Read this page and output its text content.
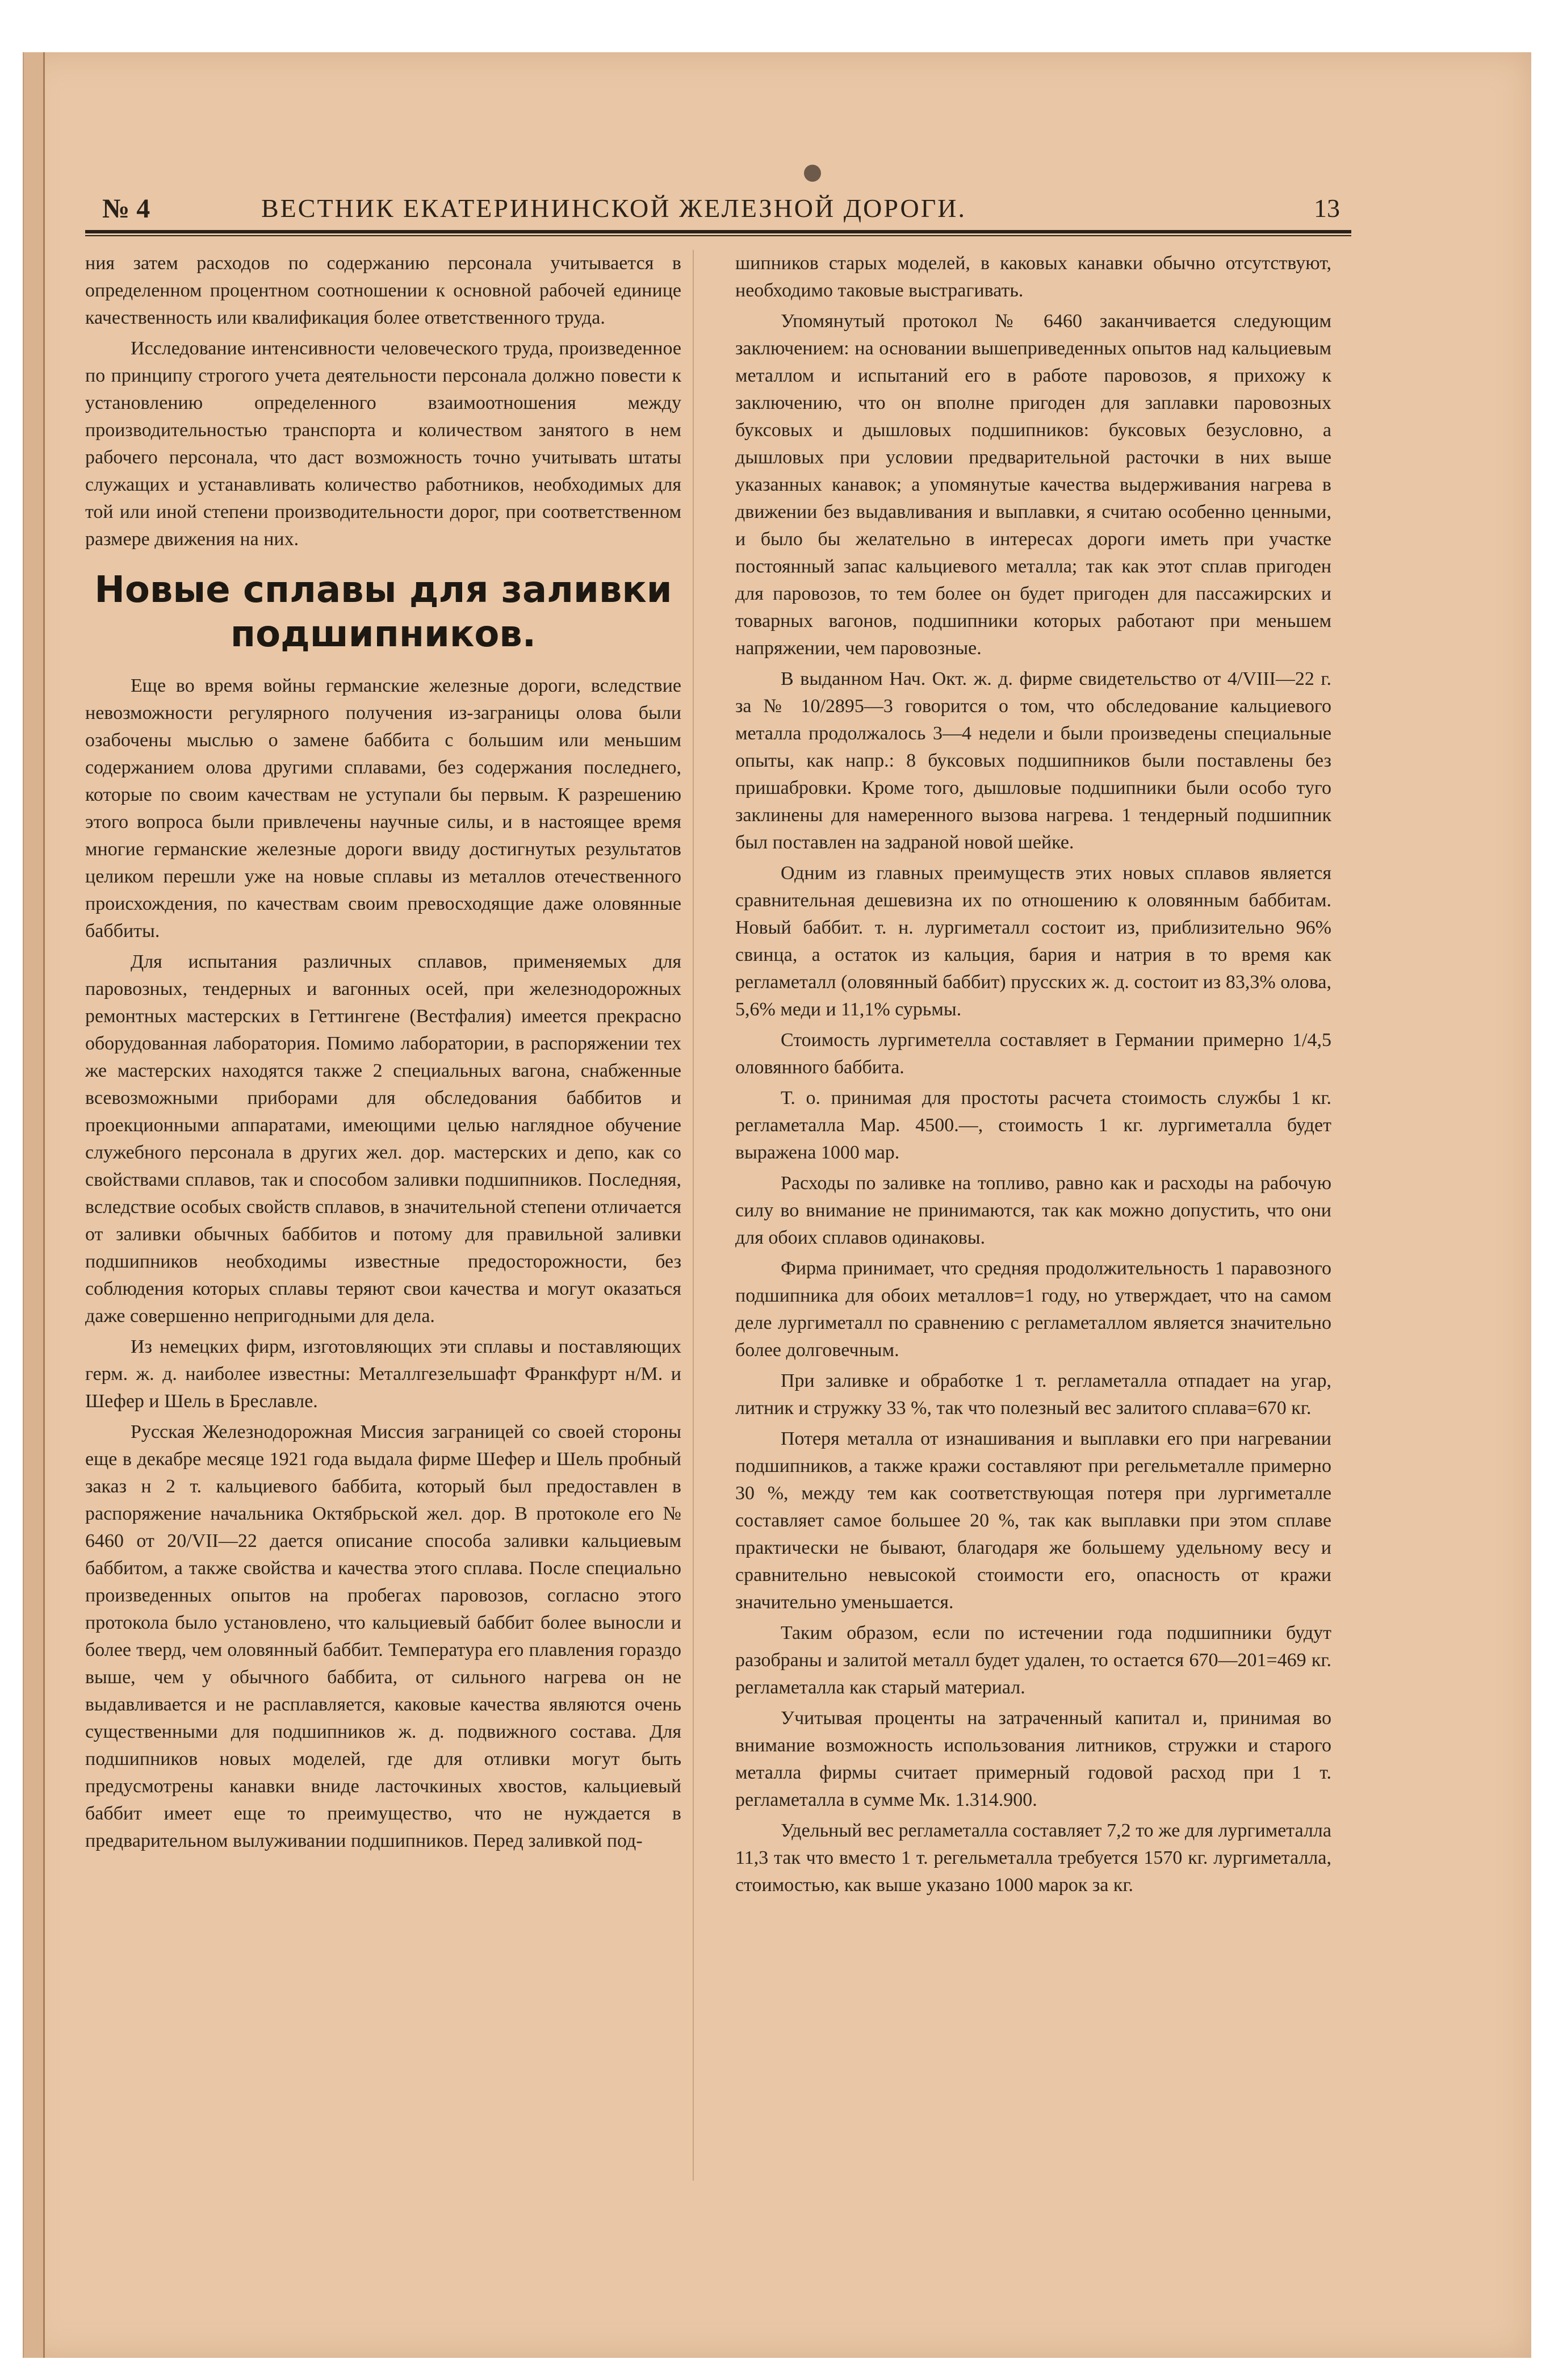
№ 4	ВЕСТНИК ЕКАТЕРИНИНСКОЙ ЖЕЛЕЗНОЙ ДОРОГИ.	13

ния затем расходов по содержанию персонала учитывается в определенном процентном соотношении к основной рабочей единице качественность или квалификация более ответственного труда.

Исследование интенсивности человеческого труда, произведенное по принципу строгого учета деятельности персонала должно повести к установлению определенного взаимоотношения между производительностью транспорта и количеством занятого в нем рабочего персонала, что даст возможность точно учитывать штаты служащих и устанавливать количество работников, необходимых для той или иной степени производительности дорог, при соответственном размере движения на них.

Новые сплавы для заливки подшипников.

Еще во время войны германские железные дороги, вследствие невозможности регулярного получения из-заграницы олова были озабочены мыслью о замене баббита с большим или меньшим содержанием олова другими сплавами, без содержания последнего, которые по своим качествам не уступали бы первым. К разрешению этого вопроса были привлечены научные силы, и в настоящее время многие германские железные дороги ввиду достигнутых результатов целиком перешли уже на новые сплавы из металлов отечественного происхождения, по качествам своим превосходящие даже оловянные баббиты.

Для испытания различных сплавов, применяемых для паровозных, тендерных и вагонных осей, при железнодорожных ремонтных мастерских в Геттингене (Вестфалия) имеется прекрасно оборудованная лаборатория. Помимо лаборатории, в распоряжении тех же мастерских находятся также 2 специальных вагона, снабженные всевозможными приборами для обследования баббитов и проекционными аппаратами, имеющими целью наглядное обучение служебного персонала в других жел. дор. мастерских и депо, как со свойствами сплавов, так и способом заливки подшипников. Последняя, вследствие особых свойств сплавов, в значительной степени отличается от заливки обычных баббитов и потому для правильной заливки подшипников необходимы известные предосторожности, без соблюдения которых сплавы теряют свои качества и могут оказаться даже совершенно непригодными для дела.

Из немецких фирм, изготовляющих эти сплавы и поставляющих герм. ж. д. наиболее известны: Металлгезельшафт Франкфурт н/М. и Шефер и Шель в Бреславле.

Русская Железнодорожная Миссия заграницей со своей стороны еще в декабре месяце 1921 года выдала фирме Шефер и Шель пробный заказ н 2 т. кальциевого баббита, который был предоставлен в распоряжение начальника Октябрьской жел. дор. В протоколе его № 6460 от 20/VII—22 дается описание способа заливки кальциевым баббитом, а также свойства и качества этого сплава. После специально произведенных опытов на пробегах паровозов, согласно этого протокола было установлено, что кальциевый баббит более выносли и более тверд, чем оловянный баббит. Температура его плавления гораздо выше, чем у обычного баббита, от сильного нагрева он не выдавливается и не расплавляется, каковые качества являются очень существенными для подшипников ж. д. подвижного состава. Для подшипников новых моделей, где для отливки могут быть предусмотрены канавки вниде ласточкиных хвостов, кальциевый баббит имеет еще то преимущество, что не нуждается в предварительном вылуживании подшипников. Перед заливкой под-

шипников старых моделей, в каковых канавки обычно отсутствуют, необходимо таковые выстрагивать.

Упомянутый протокол № 6460 заканчивается следующим заключением: на основании вышеприведенных опытов над кальциевым металлом и испытаний его в работе паровозов, я прихожу к заключению, что он вполне пригоден для заплавки паровозных буксовых и дышловых подшипников: буксовых безусловно, а дышловых при условии предварительной расточки в них выше указанных канавок; а упомянутые качества выдерживания нагрева в движении без выдавливания и выплавки, я считаю особенно ценными, и было бы желательно в интересах дороги иметь при участке постоянный запас кальциевого металла; так как этот сплав пригоден для паровозов, то тем более он будет пригоден для пассажирских и товарных вагонов, подшипники которых работают при меньшем напряжении, чем паровозные.

В выданном Нач. Окт. ж. д. фирме свидетельство от 4/VIII—22 г. за № 10/2895—3 говорится о том, что обследование кальциевого металла продолжалось 3—4 недели и были произведены специальные опыты, как напр.: 8 буксовых подшипников были поставлены без пришабровки. Кроме того, дышловые подшипники были особо туго заклинены для намеренного вызова нагрева. 1 тендерный подшипник был поставлен на задраной новой шейке.

Одним из главных преимуществ этих новых сплавов является сравнительная дешевизна их по отношению к оловянным баббитам. Новый баббит. т. н. лургиметалл состоит из, приблизительно 96% свинца, а остаток из кальция, бария и натрия в то время как регламеталл (оловянный баббит) прусских ж. д. состоит из 83,3% олова, 5,6% меди и 11,1% сурьмы.

Стоимость лургиметелла составляет в Германии примерно 1/4,5 оловянного баббита.

Т. о. принимая для простоты расчета стоимость службы 1 кг. регламеталла Мар. 4500.—, стоимость 1 кг. лургиметалла будет выражена 1000 мар.

Расходы по заливке на топливо, равно как и расходы на рабочую силу во внимание не принимаются, так как можно допустить, что они для обоих сплавов одинаковы.

Фирма принимает, что средняя продолжительность 1 паравозного подшипника для обоих металлов=1 году, но утверждает, что на самом деле лургиметалл по сравнению с регламеталлом является значительно более долговечным.

При заливке и обработке 1 т. регламеталла отпадает на угар, литник и стружку 33 %, так что полезный вес залитого сплава=670 кг.

Потеря металла от изнашивания и выплавки его при нагревании подшипников, а также кражи составляют при регельметалле примерно 30 %, между тем как соответствующая потеря при лургиметалле составляет самое большее 20 %, так как выплавки при этом сплаве практически не бывают, благодаря же большему удельному весу и сравнительно невысокой стоимости его, опасность от кражи значительно уменьшается.

Таким образом, если по истечении года подшипники будут разобраны и залитой металл будет удален, то остается 670—201=469 кг. регламеталла как старый материал.

Учитывая проценты на затраченный капитал и, принимая во внимание возможность использования литников, стружки и старого металла фирмы считает примерный годовой расход при 1 т. регламеталла в сумме Мк. 1.314.900.

Удельный вес регламеталла составляет 7,2 то же для лургиметалла 11,3 так что вместо 1 т. регельметалла требуется 1570 кг. лургиметалла, стоимостью, как выше указано 1000 марок за кг.
